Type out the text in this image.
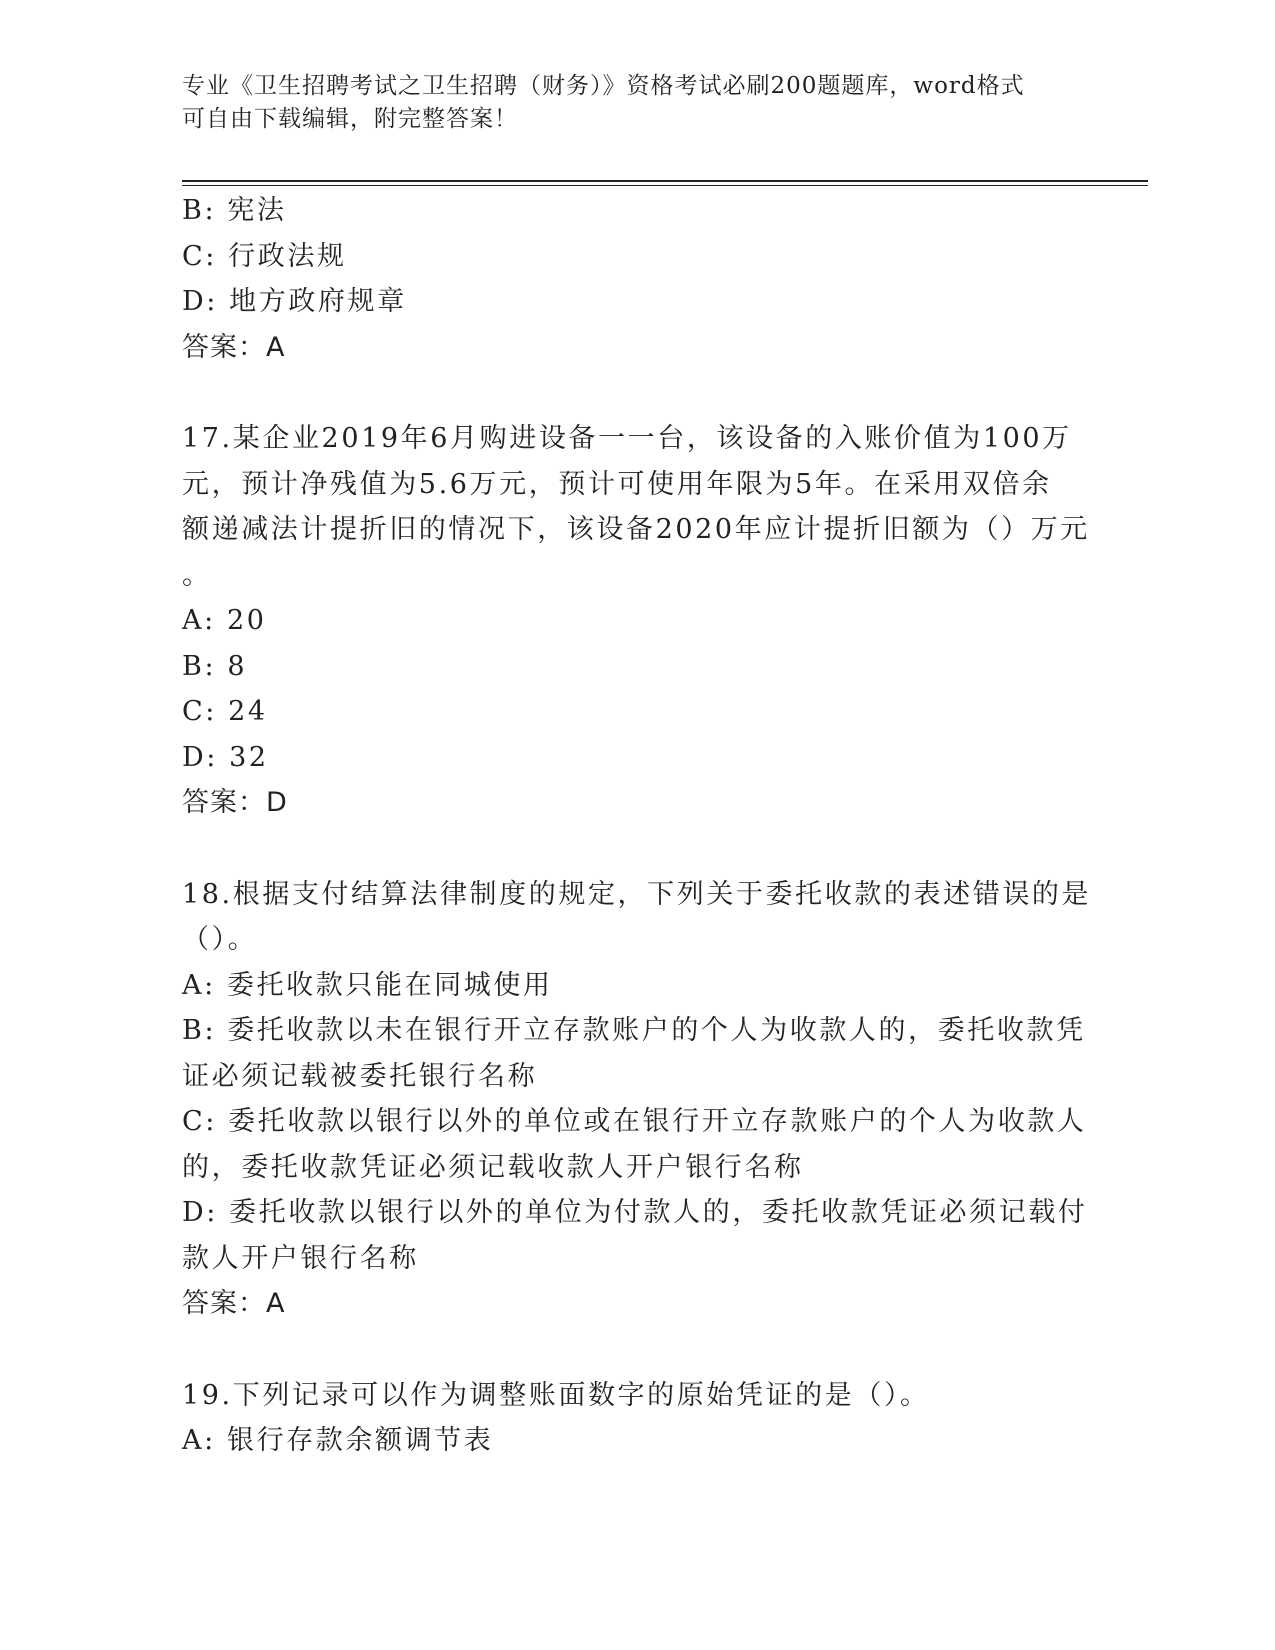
专业《卫生招聘考试之卫生招聘（财务）》资格考试必刷200题题库，word格式
可自由下载编辑，附完整答案！
B: 宪法
C: 行政法规
D: 地方政府规章
答案：A
17.某企业2019年6月购进设备一一台，该设备的入账价值为100万
元，预计净残值为5.6万元，预计可使用年限为5年。在采用双倍余
额递减法计提折旧的情况下，该设备2020年应计提折旧额为（）万元
。
A: 20
B: 8
C: 24
D: 32
答案：D
18.根据支付结算法律制度的规定，下列关于委托收款的表述错误的是
（）。
A: 委托收款只能在同城使用
B: 委托收款以未在银行开立存款账户的个人为收款人的，委托收款凭
证必须记载被委托银行名称
C: 委托收款以银行以外的单位或在银行开立存款账户的个人为收款人
的，委托收款凭证必须记载收款人开户银行名称
D: 委托收款以银行以外的单位为付款人的，委托收款凭证必须记载付
款人开户银行名称
答案：A
19.下列记录可以作为调整账面数字的原始凭证的是（）。
A: 银行存款余额调节表
